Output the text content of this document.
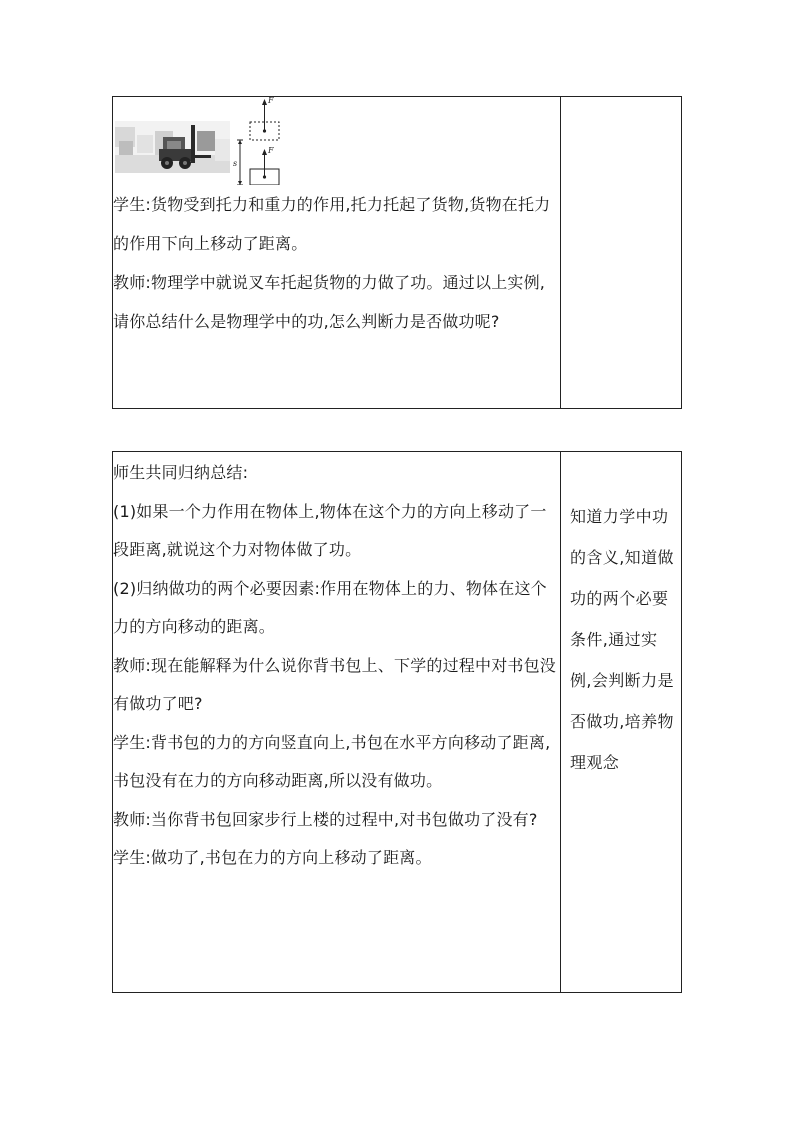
F
F
s

学生:货物受到托力和重力的作用,托力托起了货物,货物在托力的作用下向上移动了距离。

教师:物理学中就说叉车托起货物的力做了功。通过以上实例,请你总结什么是物理学中的功,怎么判断力是否做功呢?

师生共同归纳总结:

(1)如果一个力作用在物体上,物体在这个力的方向上移动了一段距离,就说这个力对物体做了功。

(2)归纳做功的两个必要因素:作用在物体上的力、物体在这个力的方向移动的距离。

教师:现在能解释为什么说你背书包上、下学的过程中对书包没有做功了吧?

学生:背书包的力的方向竖直向上,书包在水平方向移动了距离,书包没有在力的方向移动距离,所以没有做功。

教师:当你背书包回家步行上楼的过程中,对书包做功了没有?

学生:做功了,书包在力的方向上移动了距离。

知道力学中功的含义,知道做功的两个必要条件,通过实例,会判断力是否做功,培养物理观念
